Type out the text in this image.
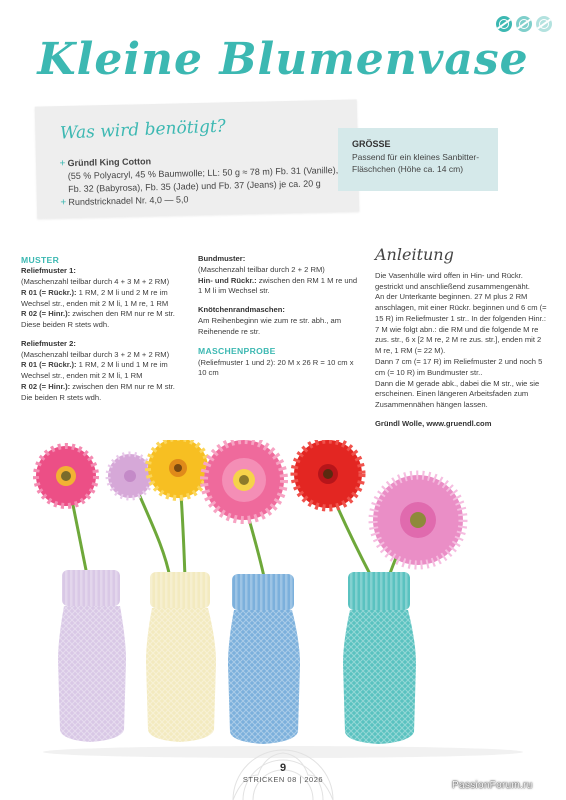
Kleine Blumenvase
Was wird benötigt?
+ Gründl King Cotton
(55 % Polyacryl, 45 % Baumwolle; LL: 50 g ≈ 78 m) Fb. 31 (Vanille),
Fb. 32 (Babyrosa), Fb. 35 (Jade) und Fb. 37 (Jeans) je ca. 20 g
+ Rundstricknadel Nr. 4,0 — 5,0
GRÖSSE
Passend für ein kleines Sanbitter-Fläschchen (Höhe ca. 14 cm)
MUSTER
Reliefmuster 1:
(Maschenzahl teilbar durch 4 + 3 M + 2 RM)
R 01 (= Rückr.): 1 RM, 2 M li und 2 M re im Wechsel str., enden mit 2 M li, 1 M re, 1 RM
R 02 (= Hinr.): zwischen den RM nur re M str.
Diese beiden R stets wdh.
Reliefmuster 2:
(Maschenzahl teilbar durch 3 + 2 M + 2 RM)
R 01 (= Rückr.): 1 RM, 2 M li und 1 M re im Wechsel str., enden mit 2 M li, 1 RM
R 02 (= Hinr.): zwischen den RM nur re M str.
Die beiden R stets wdh.
Bundmuster:
(Maschenzahl teilbar durch 2 + 2 RM)
Hin- und Rückr.: zwischen den RM 1 M re und 1 M li im Wechsel str.
Knötchenrandmaschen:
Am Reihenbeginn wie zum re str. abh., am Reihenende re str.
MASCHENPROBE
(Reliefmuster 1 und 2): 20 M x 26 R = 10 cm x 10 cm
Anleitung
Die Vasenhülle wird offen in Hin- und Rückr. gestrickt und anschließend zusammengenäht.
An der Unterkante beginnen. 27 M plus 2 RM anschlagen, mit einer Rückr. beginnen und 6 cm (= 15 R) im Reliefmuster 1 str.. In der folgenden Hinr.: 7 M wie folgt abn.: die RM und die folgende M re zus. str., 6 x [2 M re, 2 M re zus. str.], enden mit 2 M re, 1 RM (= 22 M).
Dann 7 cm (= 17 R) im Reliefmuster 2 und noch 5 cm (= 10 R) im Bundmuster str..
Dann die M gerade abk., dabei die M str., wie sie erscheinen. Einen längeren Arbeitsfaden zum Zusammennähen hängen lassen.
Gründl Wolle, www.gruendl.com
9
STRICKEN 08 | 2026
PassionForum.ru
